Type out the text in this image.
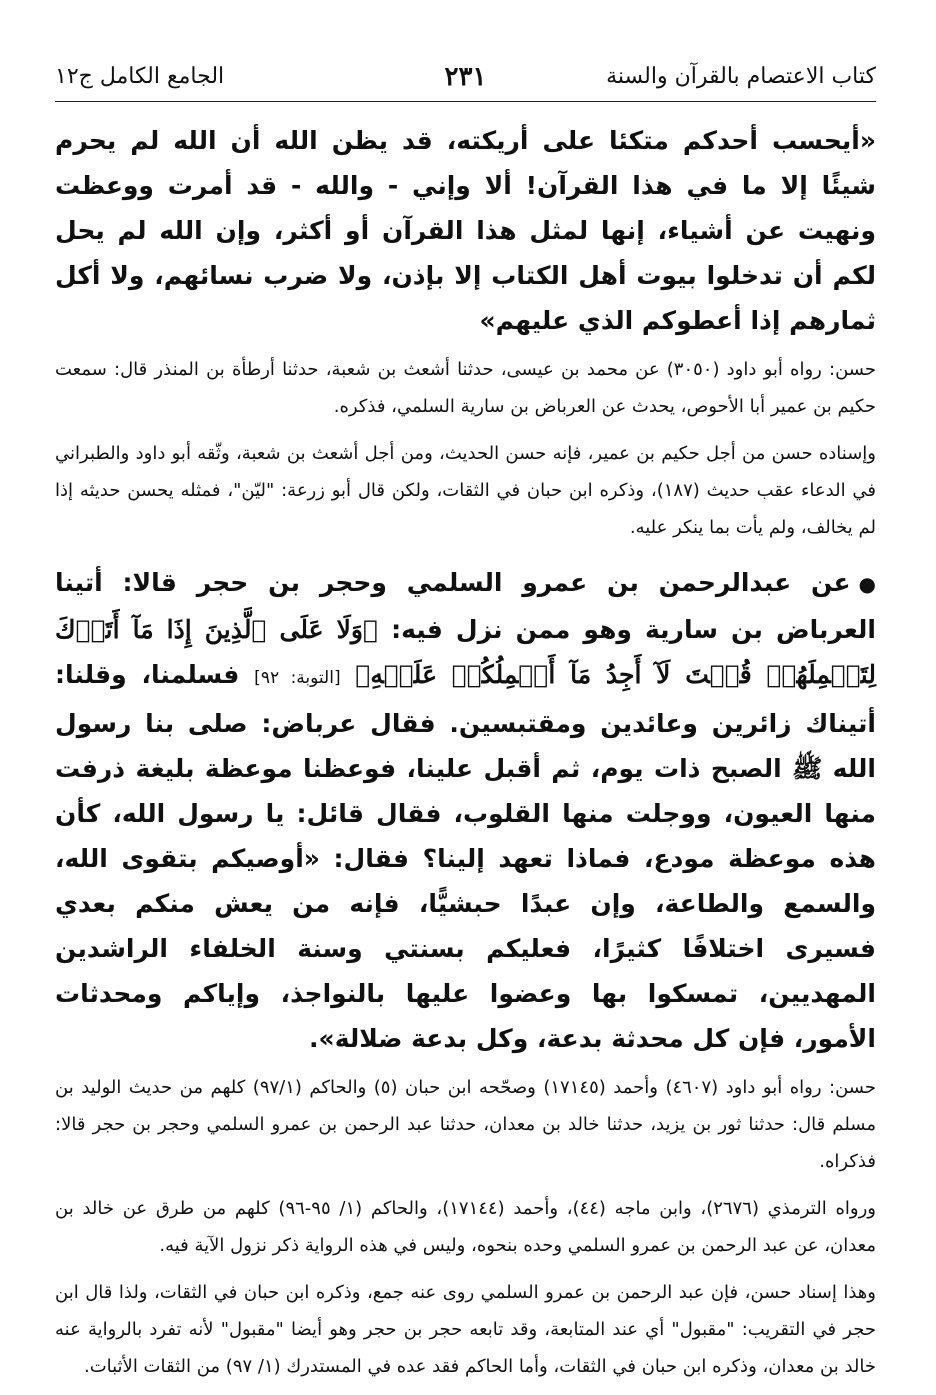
كتاب الاعتصام بالقرآن والسنة
٢٣١
الجامع الكامل ج١٢

«أيحسب أحدكم متكئا على أريكته، قد يظن الله أن الله لم يحرم شيئًا إلا ما في هذا القرآن! ألا وإني - والله - قد أمرت ووعظت ونهيت عن أشياء، إنها لمثل هذا القرآن أو أكثر، وإن الله لم يحل لكم أن تدخلوا بيوت أهل الكتاب إلا بإذن، ولا ضرب نسائهم، ولا أكل ثمارهم إذا أعطوكم الذي عليهم»

حسن: رواه أبو داود (٣٠٥٠) عن محمد بن عيسى، حدثنا أشعث بن شعبة، حدثنا أرطأة بن المنذر قال: سمعت حكيم بن عمير أبا الأحوص، يحدث عن العرباض بن سارية السلمي، فذكره.

وإسناده حسن من أجل حكيم بن عمير، فإنه حسن الحديث، ومن أجل أشعث بن شعبة، وثّقه أبو داود والطبراني في الدعاء عقب حديث (١٨٧)، وذكره ابن حبان في الثقات، ولكن قال أبو زرعة: "ليّن"، فمثله يحسن حديثه إذا لم يخالف، ولم يأت بما ينكر عليه.

●عن عبدالرحمن بن عمرو السلمي وحجر بن حجر قالا: أتينا العرباض بن سارية وهو ممن نزل فيه: ﴿وَلَا عَلَى ٱلَّذِينَ إِذَا مَآ أَتَوۡكَ لِتَحۡمِلَهُمۡ قُلۡتَ لَآ أَجِدُ مَآ أَحۡمِلُكُمۡ عَلَيۡهِ﴾ [التوبة: ٩٢] فسلمنا، وقلنا: أتيناك زائرين وعائدين ومقتبسين. فقال عرباض: صلى بنا رسول الله ﷺ الصبح ذات يوم، ثم أقبل علينا، فوعظنا موعظة بليغة ذرفت منها العيون، ووجلت منها القلوب، فقال قائل: يا رسول الله، كأن هذه موعظة مودع، فماذا تعهد إلينا؟ فقال: «أوصيكم بتقوى الله، والسمع والطاعة، وإن عبدًا حبشيًّا، فإنه من يعش منكم بعدي فسيرى اختلافًا كثيرًا، فعليكم بسنتي وسنة الخلفاء الراشدين المهديين، تمسكوا بها وعضوا عليها بالنواجذ، وإياكم ومحدثات الأمور، فإن كل محدثة بدعة، وكل بدعة ضلالة».

حسن: رواه أبو داود (٤٦٠٧) وأحمد (١٧١٤٥) وصحّحه ابن حبان (٥) والحاكم (٩٧/١) كلهم من حديث الوليد بن مسلم قال: حدثنا ثور بن يزيد، حدثنا خالد بن معدان، حدثنا عبد الرحمن بن عمرو السلمي وحجر بن حجر قالا: فذكراه.

ورواه الترمذي (٢٦٧٦)، وابن ماجه (٤٤)، وأحمد (١٧١٤٤)، والحاكم (١/ ٩٥-٩٦) كلهم من طرق عن خالد بن معدان، عن عبد الرحمن بن عمرو السلمي وحده بنحوه، وليس في هذه الرواية ذكر نزول الآية فيه.

وهذا إسناد حسن، فإن عبد الرحمن بن عمرو السلمي روى عنه جمع، وذكره ابن حبان في الثقات، ولذا قال ابن حجر في التقريب: "مقبول" أي عند المتابعة، وقد تابعه حجر بن حجر وهو أيضا "مقبول" لأنه تفرد بالرواية عنه خالد بن معدان، وذكره ابن حبان في الثقات، وأما الحاكم فقد عده في المستدرك (١/ ٩٧) من الثقات الأثبات.
